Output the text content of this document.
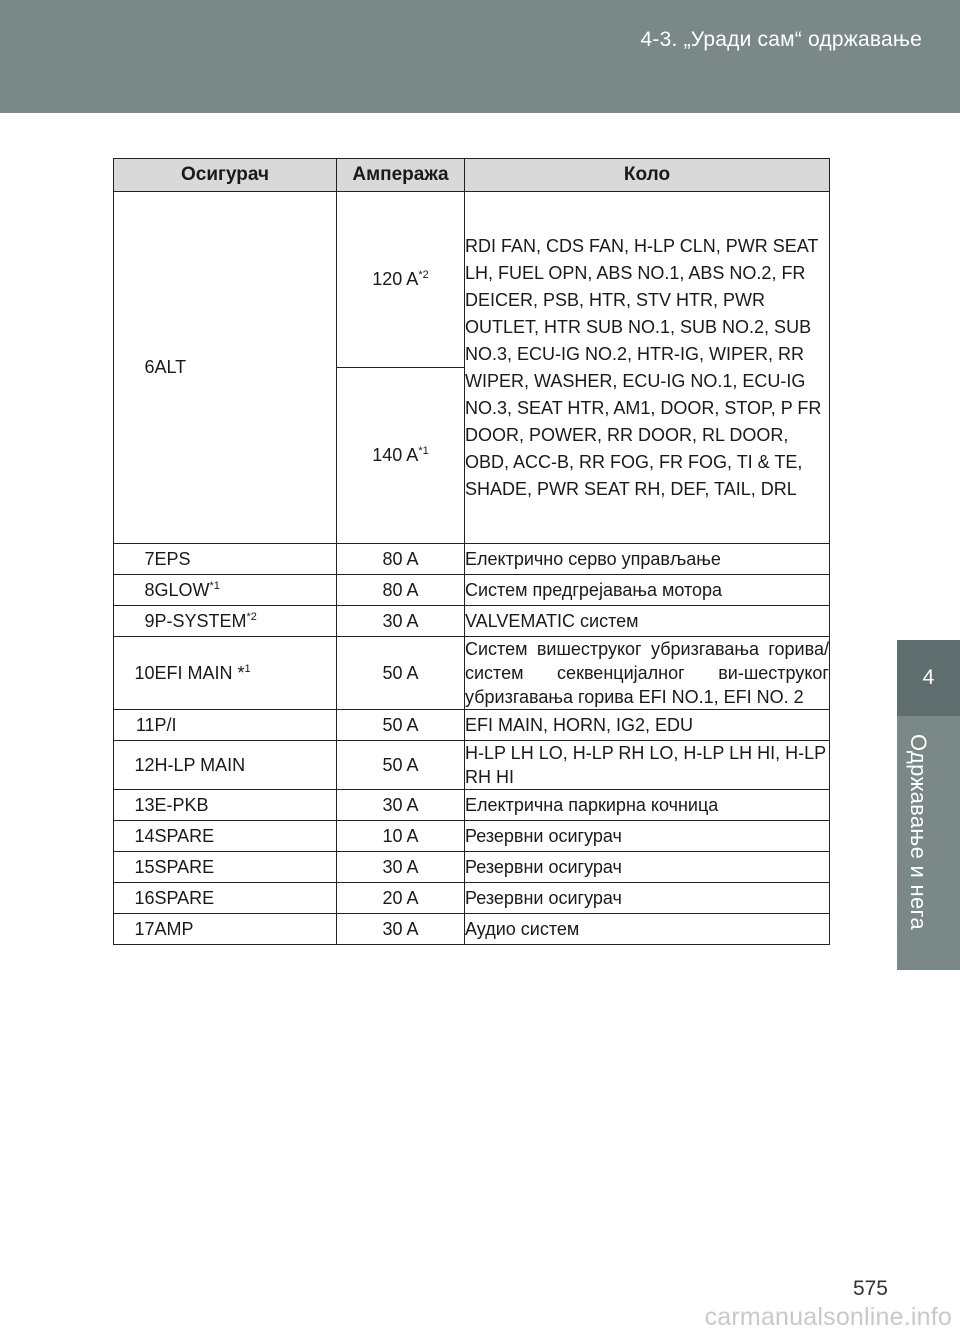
4-3. „Уради сам“ одржавање
Осигурач		Ампеража	Коло
6	ALT	120 $A^{*2}$	RDI FAN, CDS FAN, H-LP CLN, PWR SEAT LH, FUEL OPN, ABS NO.1, ABS NO.2, FR DEICER, PSB, HTR, STV HTR, PWR OUTLET, HTR SUB NO.1, SUB NO.2, SUB NO.3, ECU-IG NO.2, HTR-IG, WIPER, RR WIPER, WASHER, ECU-IG NO.1, ECU-IG NO.3, SEAT HTR, AM1, DOOR, STOP, P FR DOOR, POWER, RR DOOR, RL DOOR, OBD, ACC-B, RR FOG, FR FOG, TI & TE, SHADE, PWR SEAT RH, DEF, TAIL, DRL
		140 $A^{*1}$
7	EPS	80 A	Електрично серво управљање
8	GLOW$^{*1}$	80 A	Систем предгрејавања мотора
9	P-SYSTEM$^{*2}$	30 A	VALVEMATIC систем
10	EFI MAIN *$^1$	50 A	Систем вишеструког убризгавања горива/систем секвенцијалног ви-шеструког убризгавања горива EFI NO.1, EFI NO. 2
11	P/I	50 A	EFI MAIN, HORN, IG2, EDU
12	H-LP MAIN	50 A	H-LP LH LO, H-LP RH LO, H-LP LH HI, H-LP RH HI
13	E-PKB	30 A	Електрична паркирна кочница
14	SPARE	10 A	Резервни осигурач
15	SPARE	30 A	Резервни осигурач
16	SPARE	20 A	Резервни осигурач
17	AMP	30 A	Аудио систем
4
Одржавање и нега
575
carmanualsonline.info
